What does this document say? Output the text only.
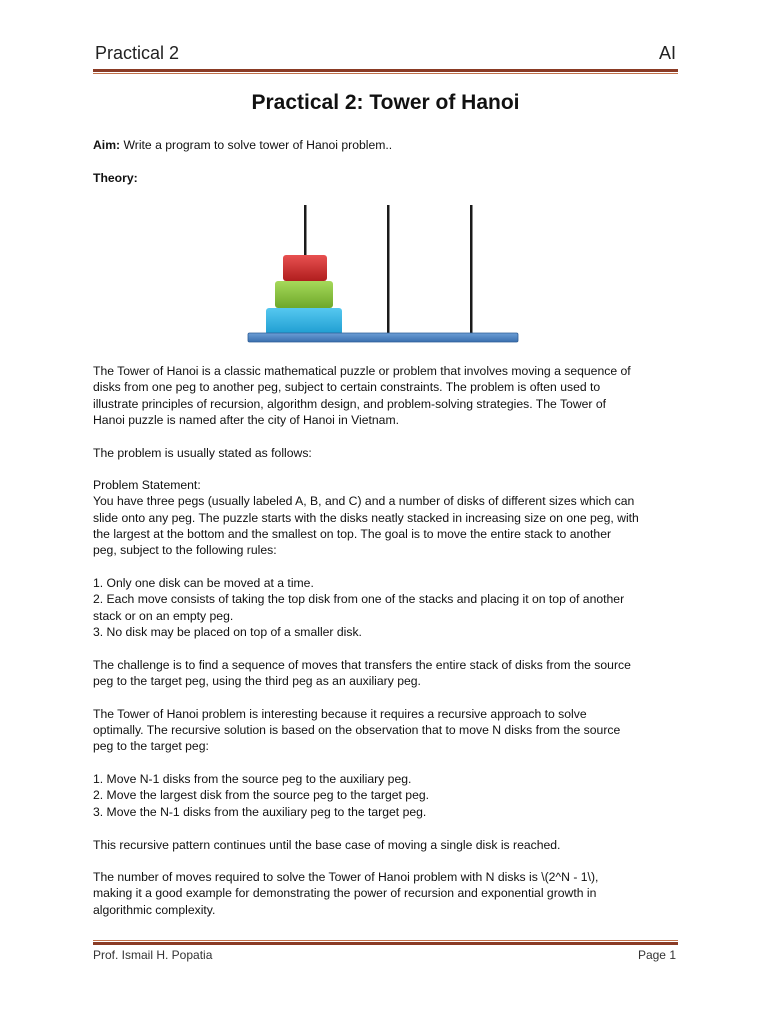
Practical 2	AI
Practical 2: Tower of Hanoi
Aim: Write a program to solve tower of Hanoi problem..
Theory:
The Tower of Hanoi is a classic mathematical puzzle or problem that involves moving a sequence of
disks from one peg to another peg, subject to certain constraints. The problem is often used to
illustrate principles of recursion, algorithm design, and problem-solving strategies. The Tower of
Hanoi puzzle is named after the city of Hanoi in Vietnam.
The problem is usually stated as follows:
Problem Statement:
You have three pegs (usually labeled A, B, and C) and a number of disks of different sizes which can
slide onto any peg. The puzzle starts with the disks neatly stacked in increasing size on one peg, with
the largest at the bottom and the smallest on top. The goal is to move the entire stack to another
peg, subject to the following rules:
1. Only one disk can be moved at a time.
2. Each move consists of taking the top disk from one of the stacks and placing it on top of another
stack or on an empty peg.
3. No disk may be placed on top of a smaller disk.
The challenge is to find a sequence of moves that transfers the entire stack of disks from the source
peg to the target peg, using the third peg as an auxiliary peg.
The Tower of Hanoi problem is interesting because it requires a recursive approach to solve
optimally. The recursive solution is based on the observation that to move N disks from the source
peg to the target peg:
1. Move N-1 disks from the source peg to the auxiliary peg.
2. Move the largest disk from the source peg to the target peg.
3. Move the N-1 disks from the auxiliary peg to the target peg.
This recursive pattern continues until the base case of moving a single disk is reached.
The number of moves required to solve the Tower of Hanoi problem with N disks is \(2^N - 1\),
making it a good example for demonstrating the power of recursion and exponential growth in
algorithmic complexity.
Prof. Ismail H. Popatia	Page 1
